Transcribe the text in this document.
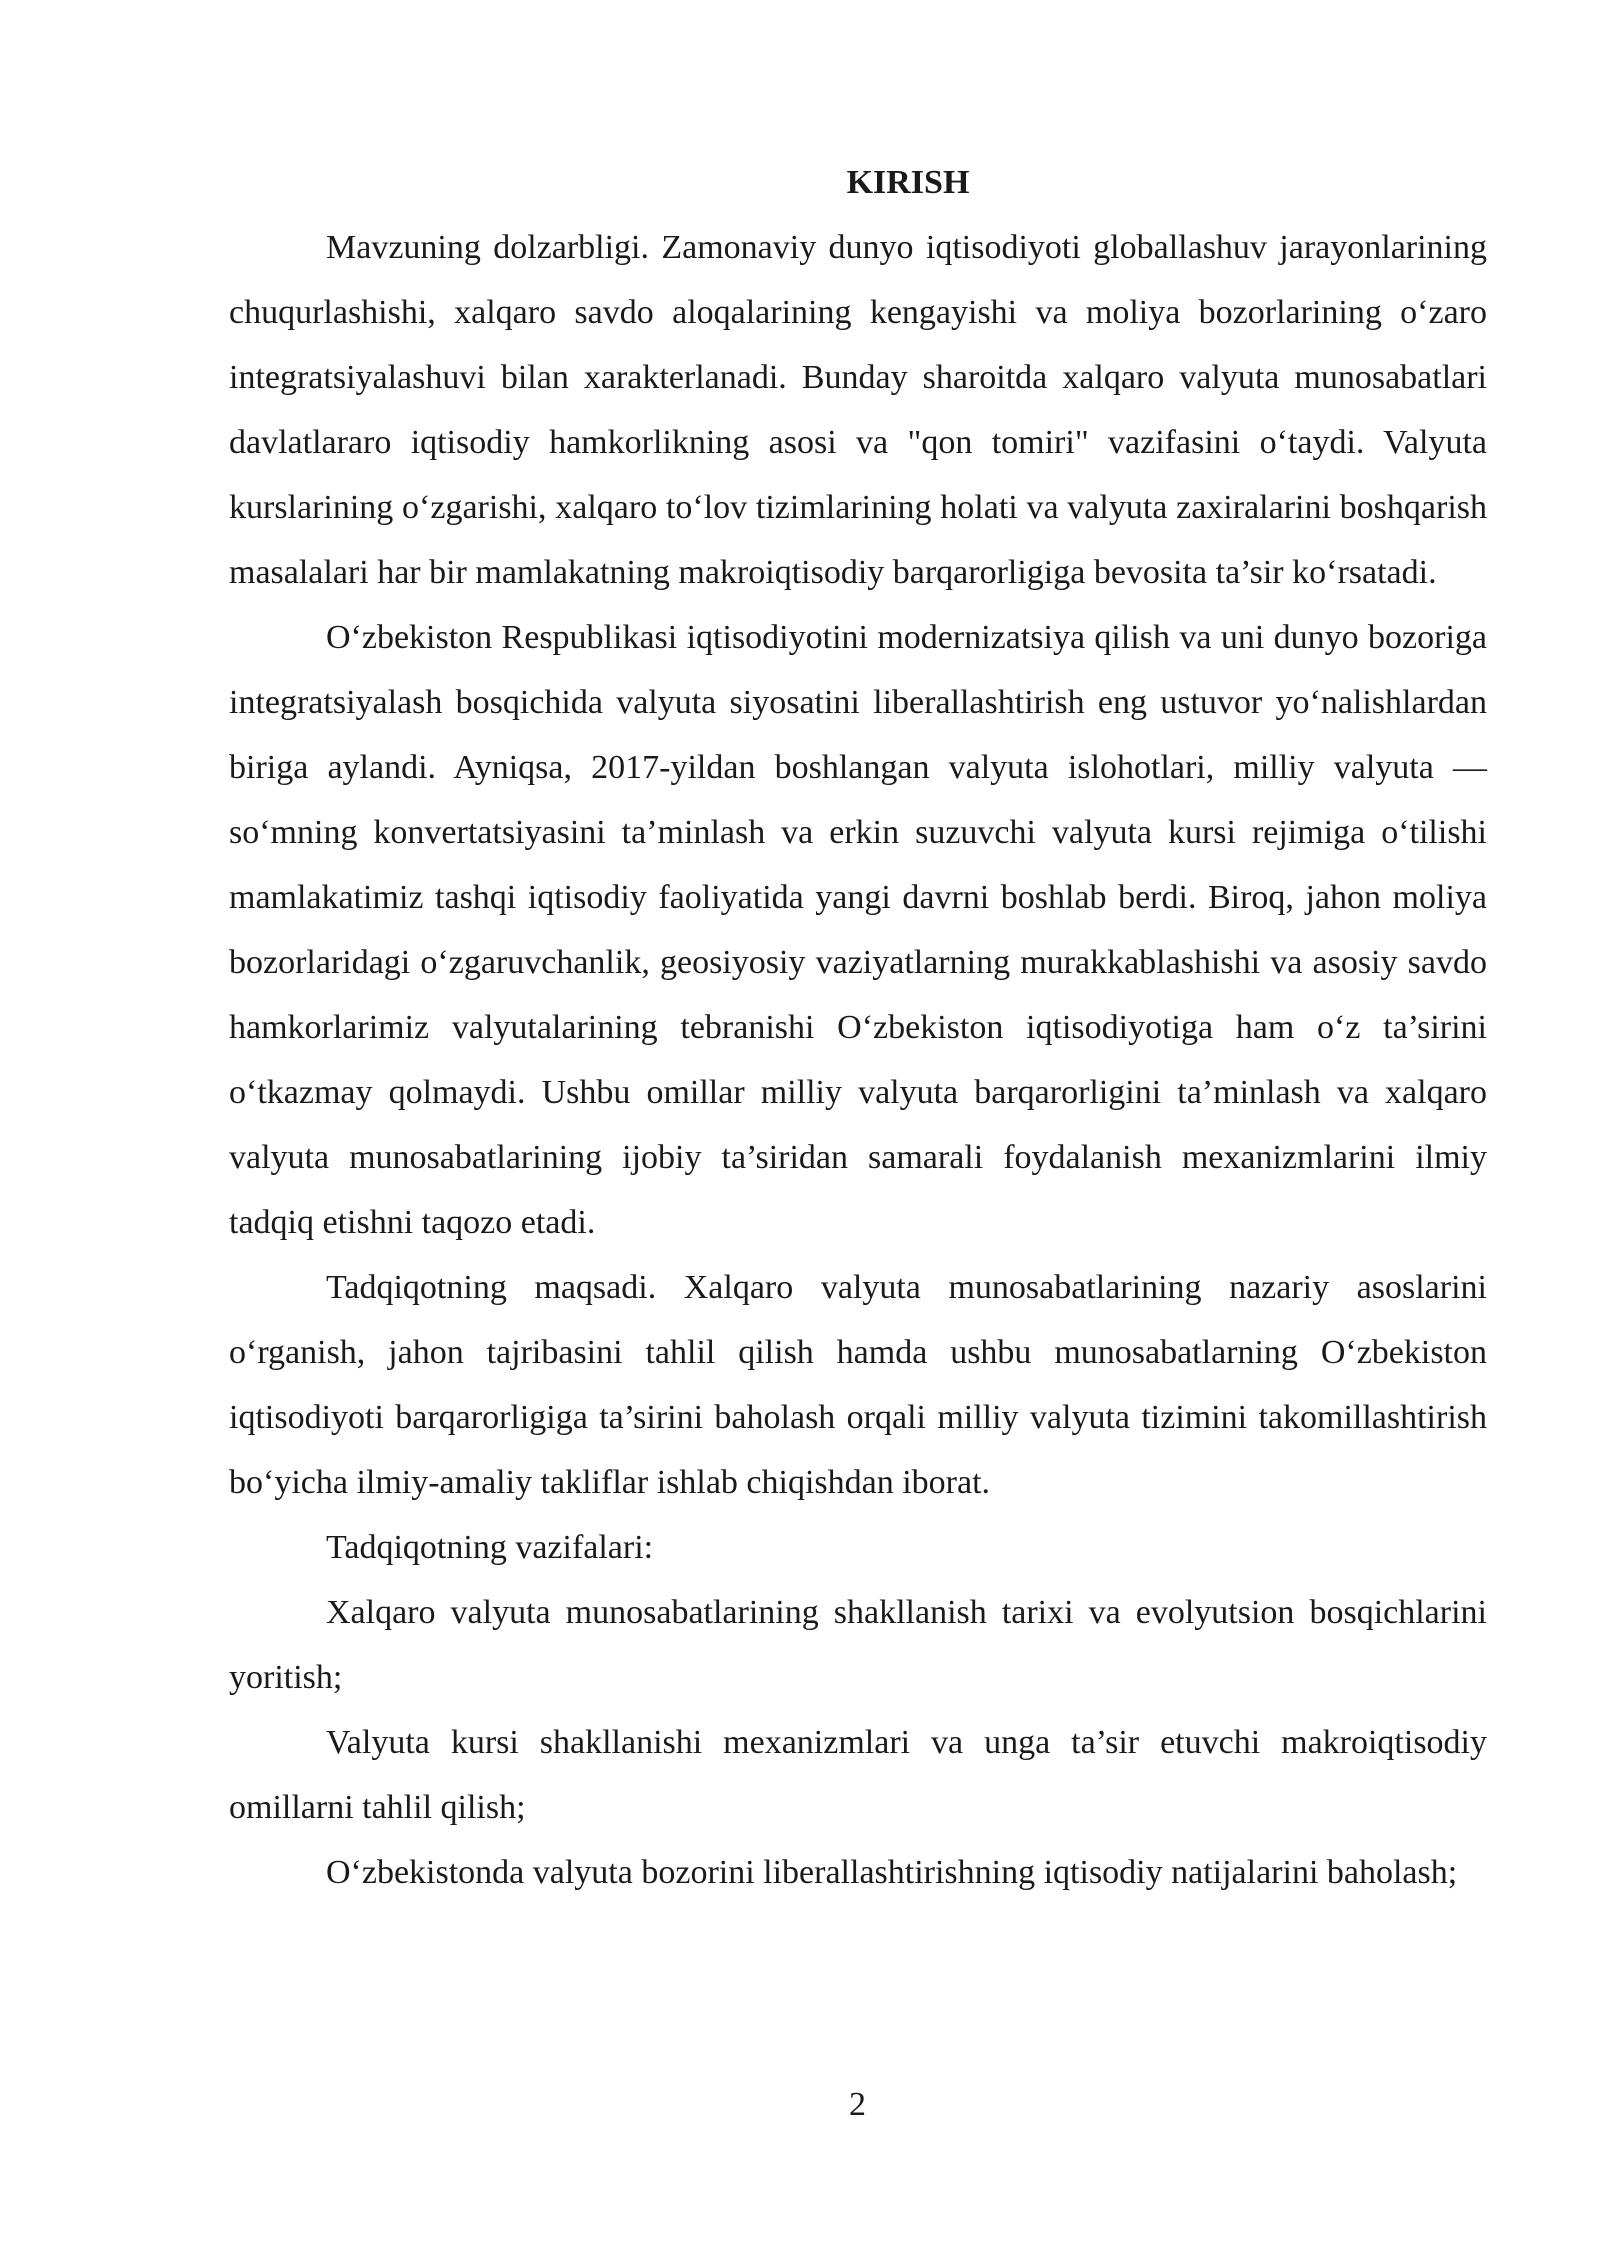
KIRISH

Mavzuning dolzarbligi. Zamonaviy dunyo iqtisodiyoti globallashuv jarayonlarining chuqurlashishi, xalqaro savdo aloqalarining kengayishi va moliya bozorlarining o‘zaro integratsiyalashuvi bilan xarakterlanadi. Bunday sharoitda xalqaro valyuta munosabatlari davlatlararo iqtisodiy hamkorlikning asosi va "qon tomiri" vazifasini o‘taydi. Valyuta kurslarining o‘zgarishi, xalqaro to‘lov tizimlarining holati va valyuta zaxiralarini boshqarish masalalari har bir mamlakatning makroiqtisodiy barqarorligiga bevosita ta’sir ko‘rsatadi.

O‘zbekiston Respublikasi iqtisodiyotini modernizatsiya qilish va uni dunyo bozoriga integratsiyalash bosqichida valyuta siyosatini liberallashtirish eng ustuvor yo‘nalishlardan biriga aylandi. Ayniqsa, 2017-yildan boshlangan valyuta islohotlari, milliy valyuta — so‘mning konvertatsiyasini ta’minlash va erkin suzuvchi valyuta kursi rejimiga o‘tilishi mamlakatimiz tashqi iqtisodiy faoliyatida yangi davrni boshlab berdi. Biroq, jahon moliya bozorlaridagi o‘zgaruvchanlik, geosiyosiy vaziyatlarning murakkablashishi va asosiy savdo hamkorlarimiz valyutalarining tebranishi O‘zbekiston iqtisodiyotiga ham o‘z ta’sirini o‘tkazmay qolmaydi. Ushbu omillar milliy valyuta barqarorligini ta’minlash va xalqaro valyuta munosabatlarining ijobiy ta’siridan samarali foydalanish mexanizmlarini ilmiy tadqiq etishni taqozo etadi.

Tadqiqotning maqsadi. Xalqaro valyuta munosabatlarining nazariy asoslarini o‘rganish, jahon tajribasini tahlil qilish hamda ushbu munosabatlarning O‘zbekiston iqtisodiyoti barqarorligiga ta’sirini baholash orqali milliy valyuta tizimini takomillashtirish bo‘yicha ilmiy-amaliy takliflar ishlab chiqishdan iborat.

Tadqiqotning vazifalari:

Xalqaro valyuta munosabatlarining shakllanish tarixi va evolyutsion bosqichlarini yoritish;

Valyuta kursi shakllanishi mexanizmlari va unga ta’sir etuvchi makroiqtisodiy omillarni tahlil qilish;

O‘zbekistonda valyuta bozorini liberallashtirishning iqtisodiy natijalarini baholash;

2
